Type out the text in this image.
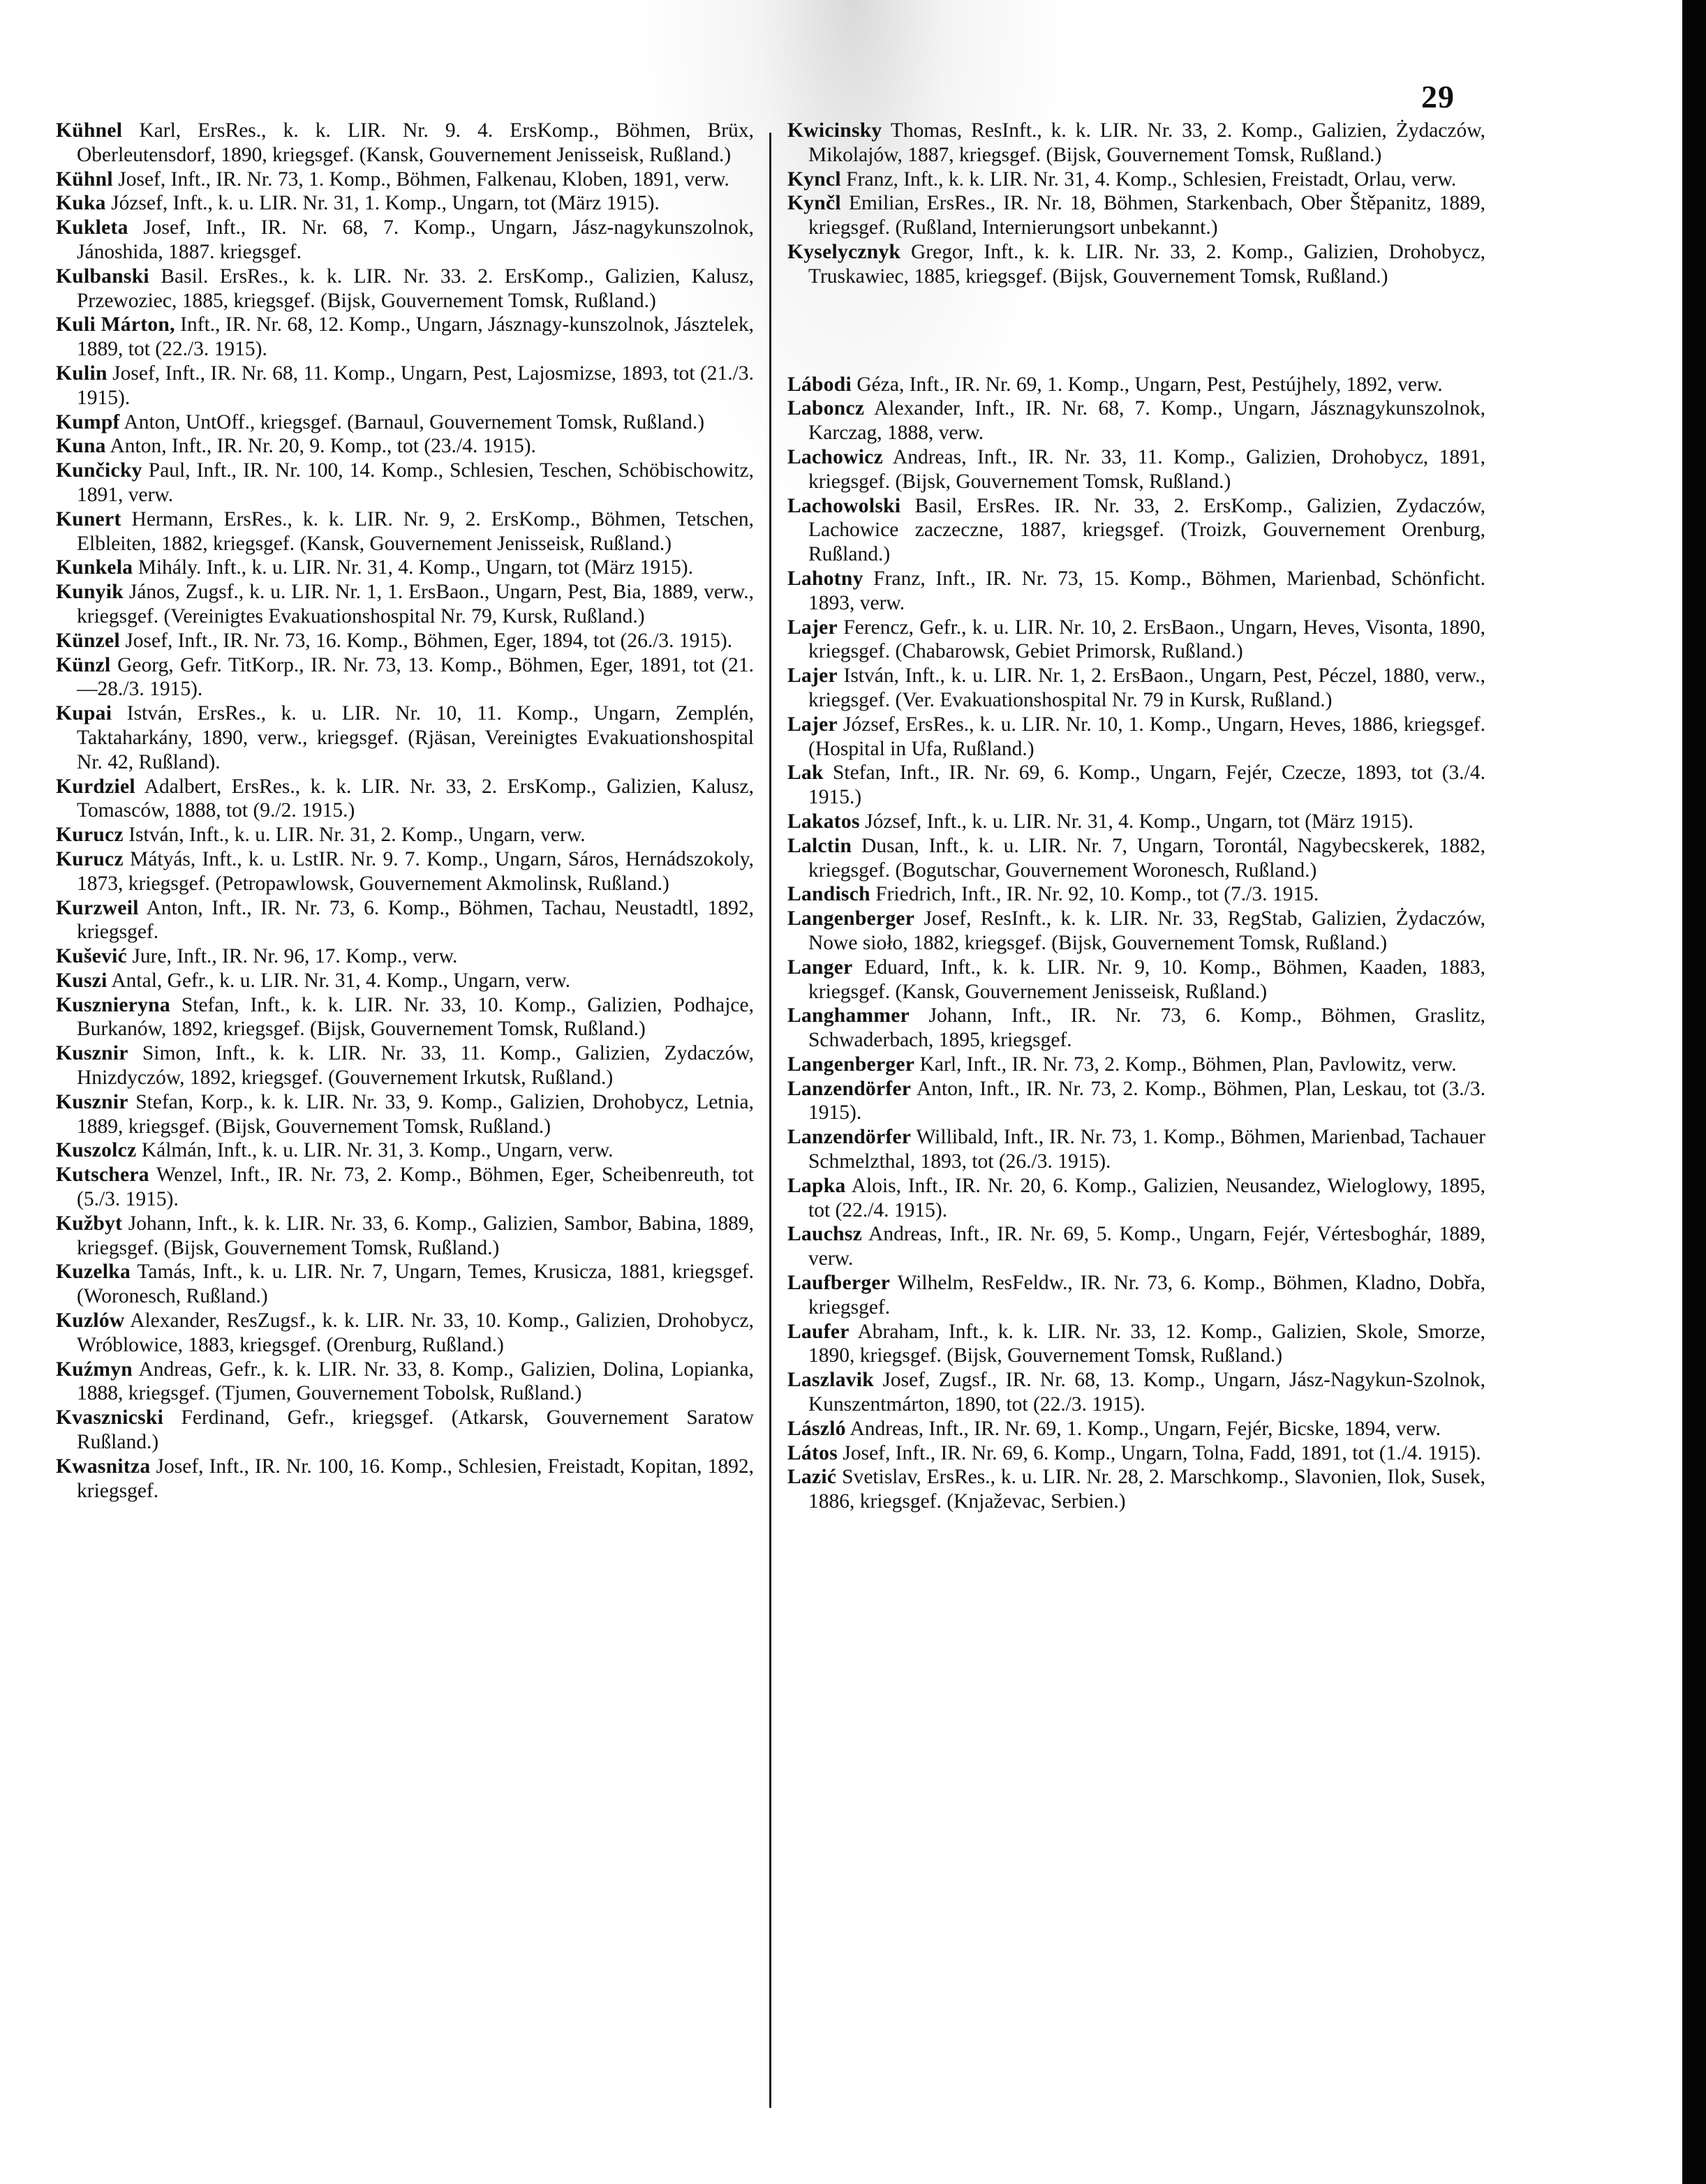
29
Kühnel Karl, ErsRes., k. k. LIR. Nr. 9. 4. ErsKomp., Böhmen, Brüx, Oberleutensdorf, 1890, kriegsgef. (Kansk, Gouvernement Jenisseisk, Rußland.)
Kühnl Josef, Inft., IR. Nr. 73, 1. Komp., Böhmen, Falkenau, Kloben, 1891, verw.
Kuka József, Inft., k. u. LIR. Nr. 31, 1. Komp., Ungarn, tot (März 1915).
Kukleta Josef, Inft., IR. Nr. 68, 7. Komp., Ungarn, Jász-nagykunszolnok, Jánoshida, 1887. kriegsgef.
Kulbanski Basil. ErsRes., k. k. LIR. Nr. 33. 2. ErsKomp., Galizien, Kalusz, Przewoziec, 1885, kriegsgef. (Bijsk, Gouvernement Tomsk, Rußland.)
Kuli Márton, Inft., IR. Nr. 68, 12. Komp., Ungarn, Jásznagy-kunszolnok, Jásztelek, 1889, tot (22./3. 1915).
Kulin Josef, Inft., IR. Nr. 68, 11. Komp., Ungarn, Pest, Lajosmizse, 1893, tot (21./3. 1915).
Kumpf Anton, UntOff., kriegsgef. (Barnaul, Gouvernement Tomsk, Rußland.)
Kuna Anton, Inft., IR. Nr. 20, 9. Komp., tot (23./4. 1915).
Kunčicky Paul, Inft., IR. Nr. 100, 14. Komp., Schlesien, Teschen, Schöbischowitz, 1891, verw.
Kunert Hermann, ErsRes., k. k. LIR. Nr. 9, 2. ErsKomp., Böhmen, Tetschen, Elbleiten, 1882, kriegsgef. (Kansk, Gouvernement Jenisseisk, Rußland.)
Kunkela Mihály. Inft., k. u. LIR. Nr. 31, 4. Komp., Ungarn, tot (März 1915).
Kunyik János, Zugsf., k. u. LIR. Nr. 1, 1. ErsBaon., Ungarn, Pest, Bia, 1889, verw., kriegsgef. (Vereinigtes Evakuationshospital Nr. 79, Kursk, Rußland.)
Künzel Josef, Inft., IR. Nr. 73, 16. Komp., Böhmen, Eger, 1894, tot (26./3. 1915).
Künzl Georg, Gefr. TitKorp., IR. Nr. 73, 13. Komp., Böhmen, Eger, 1891, tot (21.—28./3. 1915).
Kupai István, ErsRes., k. u. LIR. Nr. 10, 11. Komp., Ungarn, Zemplén, Taktaharkány, 1890, verw., kriegsgef. (Rjäsan, Vereinigtes Evakuationshospital Nr. 42, Rußland).
Kurdziel Adalbert, ErsRes., k. k. LIR. Nr. 33, 2. ErsKomp., Galizien, Kalusz, Tomasców, 1888, tot (9./2. 1915.)
Kurucz István, Inft., k. u. LIR. Nr. 31, 2. Komp., Ungarn, verw.
Kurucz Mátyás, Inft., k. u. LstIR. Nr. 9. 7. Komp., Ungarn, Sáros, Hernádszokoly, 1873, kriegsgef. (Petropawlowsk, Gouvernement Akmolinsk, Rußland.)
Kurzweil Anton, Inft., IR. Nr. 73, 6. Komp., Böhmen, Tachau, Neustadtl, 1892, kriegsgef.
Kušević Jure, Inft., IR. Nr. 96, 17. Komp., verw.
Kuszi Antal, Gefr., k. u. LIR. Nr. 31, 4. Komp., Ungarn, verw.
Kuszniеryna Stefan, Inft., k. k. LIR. Nr. 33, 10. Komp., Galizien, Podhajce, Burkanów, 1892, kriegsgef. (Bijsk, Gouvernement Tomsk, Rußland.)
Kusznir Simon, Inft., k. k. LIR. Nr. 33, 11. Komp., Galizien, Zydaczów, Hnizdyczów, 1892, kriegsgef. (Gouvernement Irkutsk, Rußland.)
Kusznir Stefan, Korp., k. k. LIR. Nr. 33, 9. Komp., Galizien, Drohobycz, Letnia, 1889, kriegsgef. (Bijsk, Gouvernement Tomsk, Rußland.)
Kuszolcz Kálmán, Inft., k. u. LIR. Nr. 31, 3. Komp., Ungarn, verw.
Kutschera Wenzel, Inft., IR. Nr. 73, 2. Komp., Böhmen, Eger, Scheibenreuth, tot (5./3. 1915).
Kužbyt Johann, Inft., k. k. LIR. Nr. 33, 6. Komp., Galizien, Sambor, Babina, 1889, kriegsgef. (Bijsk, Gouvernement Tomsk, Rußland.)
Kuzelka Tamás, Inft., k. u. LIR. Nr. 7, Ungarn, Temes, Krusicza, 1881, kriegsgef. (Woronesch, Rußland.)
Kuzlów Alexander, ResZugsf., k. k. LIR. Nr. 33, 10. Komp., Galizien, Drohobycz, Wróblowice, 1883, kriegsgef. (Orenburg, Rußland.)
Kuźmyn Andreas, Gefr., k. k. LIR. Nr. 33, 8. Komp., Galizien, Dolina, Lopianka, 1888, kriegsgef. (Tjumen, Gouvernement Tobolsk, Rußland.)
Kvasznicski Ferdinand, Gefr., kriegsgef. (Atkarsk, Gouvernement Saratow Rußland.)
Kwasnitza Josef, Inft., IR. Nr. 100, 16. Komp., Schlesien, Freistadt, Kopitan, 1892, kriegsgef.
Kwicinsky Thomas, ResInft., k. k. LIR. Nr. 33, 2. Komp., Galizien, Żydaczów, Mikolajów, 1887, kriegsgef. (Bijsk, Gouvernement Tomsk, Rußland.)
Kyncl Franz, Inft., k. k. LIR. Nr. 31, 4. Komp., Schlesien, Freistadt, Orlau, verw.
Kynčl Emilian, ErsRes., IR. Nr. 18, Böhmen, Starkenbach, Ober Štěpanitz, 1889, kriegsgef. (Rußland, Internierungsort unbekannt.)
Kyselycznyk Gregor, Inft., k. k. LIR. Nr. 33, 2. Komp., Galizien, Drohobycz, Truskawiec, 1885, kriegsgef. (Bijsk, Gouvernement Tomsk, Rußland.)
Lábodi Géza, Inft., IR. Nr. 69, 1. Komp., Ungarn, Pest, Pestújhely, 1892, verw.
Laboncz Alexander, Inft., IR. Nr. 68, 7. Komp., Ungarn, Jásznagykunszolnok, Karczag, 1888, verw.
Lachowicz Andreas, Inft., IR. Nr. 33, 11. Komp., Galizien, Drohobycz, 1891, kriegsgef. (Bijsk, Gouvernement Tomsk, Rußland.)
Lachowolski Basil, ErsRes. IR. Nr. 33, 2. ErsKomp., Galizien, Zydaczów, Lachowice zaczeczne, 1887, kriegsgef. (Troizk, Gouvernement Orenburg, Rußland.)
Lahotny Franz, Inft., IR. Nr. 73, 15. Komp., Böhmen, Marienbad, Schönficht. 1893, verw.
Lajer Ferencz, Gefr., k. u. LIR. Nr. 10, 2. ErsBaon., Ungarn, Heves, Visonta, 1890, kriegsgef. (Chabarowsk, Gebiet Primorsk, Rußland.)
Lajer István, Inft., k. u. LIR. Nr. 1, 2. ErsBaon., Ungarn, Pest, Péczel, 1880, verw., kriegsgef. (Ver. Evakuationshospital Nr. 79 in Kursk, Rußland.)
Lajer József, ErsRes., k. u. LIR. Nr. 10, 1. Komp., Ungarn, Heves, 1886, kriegsgef. (Hospital in Ufa, Rußland.)
Lak Stefan, Inft., IR. Nr. 69, 6. Komp., Ungarn, Fejér, Czecze, 1893, tot (3./4. 1915.)
Lakatos József, Inft., k. u. LIR. Nr. 31, 4. Komp., Ungarn, tot (März 1915).
Lalctin Dusan, Inft., k. u. LIR. Nr. 7, Ungarn, Torontál, Nagybecskerek, 1882, kriegsgef. (Bogutschar, Gouvernement Woronesch, Rußland.)
Landisch Friedrich, Inft., IR. Nr. 92, 10. Komp., tot (7./3. 1915.
Langenberger Josef, ResInft., k. k. LIR. Nr. 33, RegStab, Galizien, Żydaczów, Nowe sioło, 1882, kriegsgef. (Bijsk, Gouvernement Tomsk, Rußland.)
Langer Eduard, Inft., k. k. LIR. Nr. 9, 10. Komp., Böhmen, Kaaden, 1883, kriegsgef. (Kansk, Gouvernement Jenisseisk, Rußland.)
Langhammer Johann, Inft., IR. Nr. 73, 6. Komp., Böhmen, Graslitz, Schwaderbach, 1895, kriegsgef.
Langenberger Karl, Inft., IR. Nr. 73, 2. Komp., Böhmen, Plan, Pavlowitz, verw.
Lanzendörfer Anton, Inft., IR. Nr. 73, 2. Komp., Böhmen, Plan, Leskau, tot (3./3. 1915).
Lanzendörfer Willibald, Inft., IR. Nr. 73, 1. Komp., Böhmen, Marienbad, Tachauer Schmelzthal, 1893, tot (26./3. 1915).
Lapka Alois, Inft., IR. Nr. 20, 6. Komp., Galizien, Neusandez, Wieloglowy, 1895, tot (22./4. 1915).
Lauchsz Andreas, Inft., IR. Nr. 69, 5. Komp., Ungarn, Fejér, Vértesboghár, 1889, verw.
Laufberger Wilhelm, ResFeldw., IR. Nr. 73, 6. Komp., Böhmen, Kladno, Dobřa, kriegsgef.
Laufer Abraham, Inft., k. k. LIR. Nr. 33, 12. Komp., Galizien, Skole, Smorze, 1890, kriegsgef. (Bijsk, Gouvernement Tomsk, Rußland.)
Laszlavik Josef, Zugsf., IR. Nr. 68, 13. Komp., Ungarn, Jász-Nagykun-Szolnok, Kunszentmárton, 1890, tot (22./3. 1915).
László Andreas, Inft., IR. Nr. 69, 1. Komp., Ungarn, Fejér, Bicske, 1894, verw.
Látos Josef, Inft., IR. Nr. 69, 6. Komp., Ungarn, Tolna, Fadd, 1891, tot (1./4. 1915).
Lazić Svetislav, ErsRes., k. u. LIR. Nr. 28, 2. Marschkomp., Slavonien, Ilok, Susek, 1886, kriegsgef. (Knjaževac, Serbien.)
